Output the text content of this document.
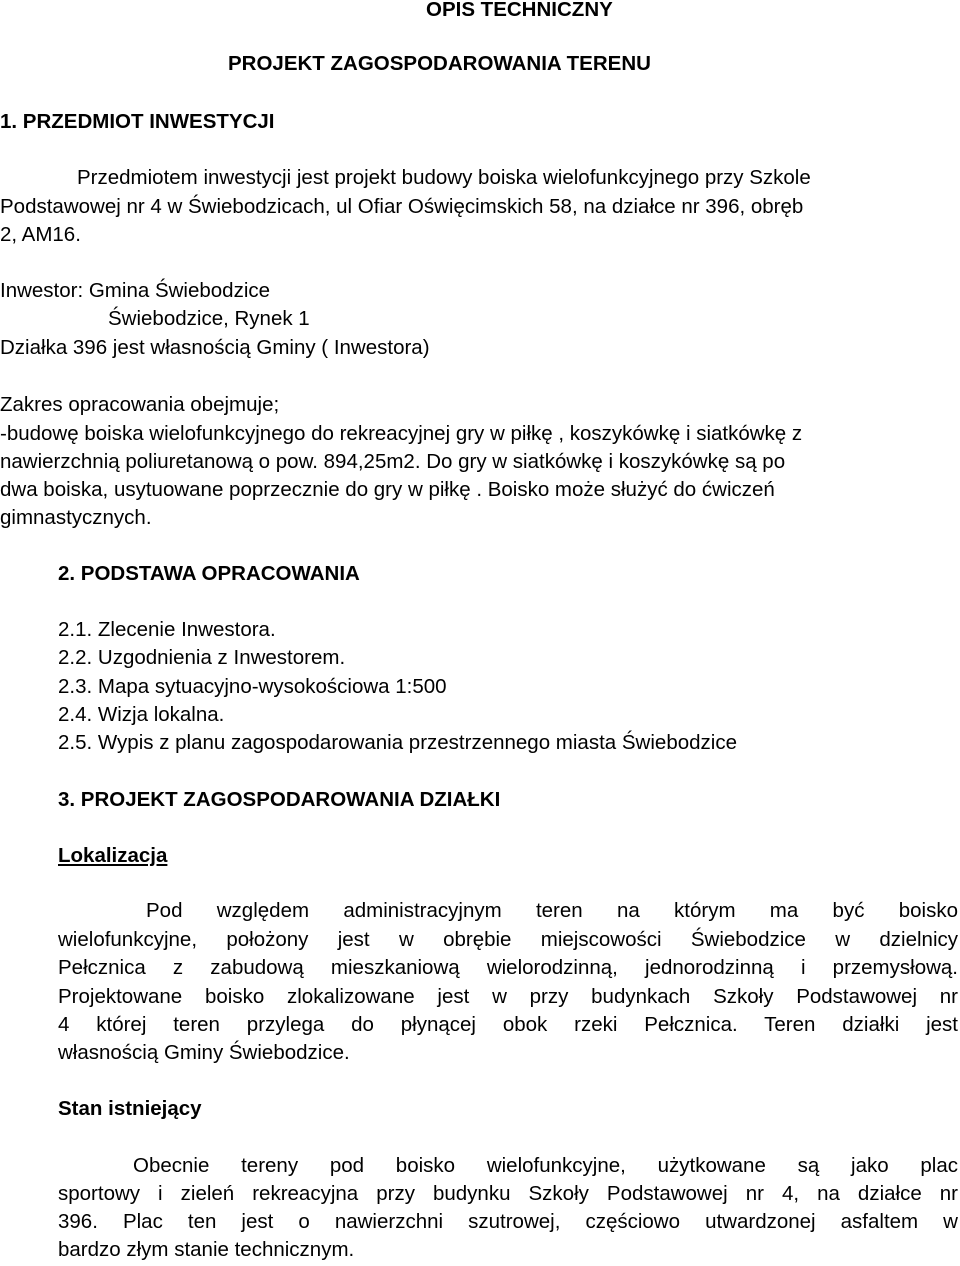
OPIS TECHNICZNY
PROJEKT ZAGOSPODAROWANIA TERENU
1. PRZEDMIOT INWESTYCJI
Przedmiotem inwestycji jest projekt budowy boiska wielofunkcyjnego przy Szkole
Podstawowej nr 4 w Świebodzicach, ul Ofiar Oświęcimskich 58, na działce nr 396, obręb
2, AM16.
Inwestor: Gmina Świebodzice
Świebodzice, Rynek 1
Działka 396 jest własnością Gminy ( Inwestora)
Zakres opracowania obejmuje;
-budowę boiska wielofunkcyjnego do rekreacyjnej gry w piłkę , koszykówkę i siatkówkę z
nawierzchnią poliuretanową o pow. 894,25m2. Do gry w siatkówkę i koszykówkę są po
dwa boiska, usytuowane poprzecznie do gry w piłkę . Boisko może służyć do ćwiczeń
gimnastycznych.
2. PODSTAWA OPRACOWANIA
2.1. Zlecenie Inwestora.
2.2. Uzgodnienia z Inwestorem.
2.3. Mapa sytuacyjno-wysokościowa 1:500
2.4. Wizja lokalna.
2.5. Wypis z planu zagospodarowania przestrzennego miasta Świebodzice
3. PROJEKT ZAGOSPODAROWANIA DZIAŁKI
Lokalizacja
Pod względem administracyjnym teren na którym ma być boisko
wielofunkcyjne, położony jest w obrębie miejscowości Świebodzice w dzielnicy
Pełcznica z zabudową mieszkaniową wielorodzinną, jednorodzinną i przemysłową.
Projektowane boisko zlokalizowane jest w przy budynkach Szkoły Podstawowej nr
4 której teren przylega do płynącej obok rzeki Pełcznica. Teren działki jest
własnością Gminy Świebodzice.
Stan istniejący
Obecnie tereny pod boisko wielofunkcyjne, użytkowane są jako plac
sportowy i zieleń rekreacyjna przy budynku Szkoły Podstawowej nr 4, na działce nr
396. Plac ten jest o nawierzchni szutrowej, częściowo utwardzonej asfaltem w
bardzo złym stanie technicznym.
